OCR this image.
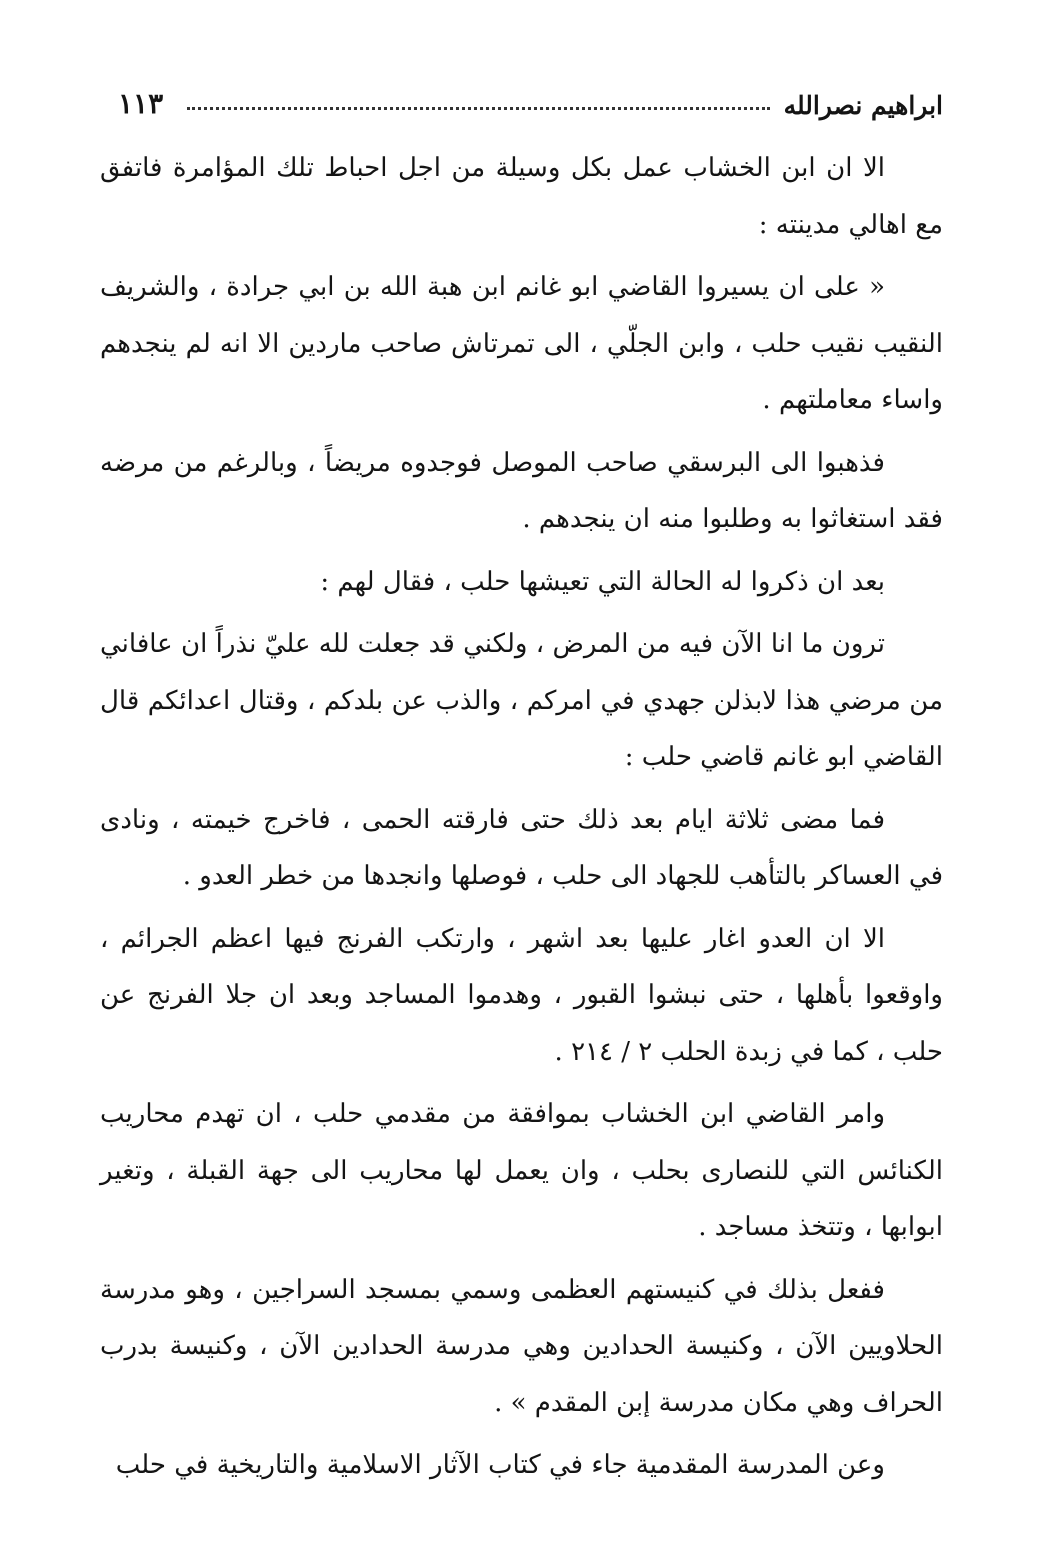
ابراهيم نصرالله
١١٣

الا ان ابن الخشاب عمل بكل وسيلة من اجل احباط تلك المؤامرة فاتفق مع اهالي مدينته :

« على ان يسيروا القاضي ابو غانم ابن هبة الله بن ابي جرادة ، والشريف النقيب نقيب حلب ، وابن الجلّي ، الى تمرتاش صاحب ماردين الا انه لم ينجدهم واساء معاملتهم .

فذهبوا الى البرسقي صاحب الموصل فوجدوه مريضاً ، وبالرغم من مرضه فقد استغاثوا به وطلبوا منه ان ينجدهم .

بعد ان ذكروا له الحالة التي تعيشها حلب ، فقال لهم :

ترون ما انا الآن فيه من المرض ، ولكني قد جعلت لله عليّ نذراً ان عافاني من مرضي هذا لابذلن جهدي في امركم ، والذب عن بلدكم ، وقتال اعدائكم قال القاضي ابو غانم قاضي حلب :

فما مضى ثلاثة ايام بعد ذلك حتى فارقته الحمى ، فاخرج خيمته ، ونادى في العساكر بالتأهب للجهاد الى حلب ، فوصلها وانجدها من خطر العدو .

الا ان العدو اغار عليها بعد اشهر ، وارتكب الفرنج فيها اعظم الجرائم ، واوقعوا بأهلها ، حتى نبشوا القبور ، وهدموا المساجد وبعد ان جلا الفرنج عن حلب ، كما في زبدة الحلب ٢ / ٢١٤ .

وامر القاضي ابن الخشاب بموافقة من مقدمي حلب ، ان تهدم محاريب الكنائس التي للنصارى بحلب ، وان يعمل لها محاريب الى جهة القبلة ، وتغير ابوابها ، وتتخذ مساجد .

ففعل بذلك في كنيستهم العظمى وسمي بمسجد السراجين ، وهو مدرسة الحلاويين الآن ، وكنيسة الحدادين وهي مدرسة الحدادين الآن ، وكنيسة بدرب الحراف وهي مكان مدرسة إبن المقدم » .

وعن المدرسة المقدمية جاء في كتاب الآثار الاسلامية والتاريخية في حلب
